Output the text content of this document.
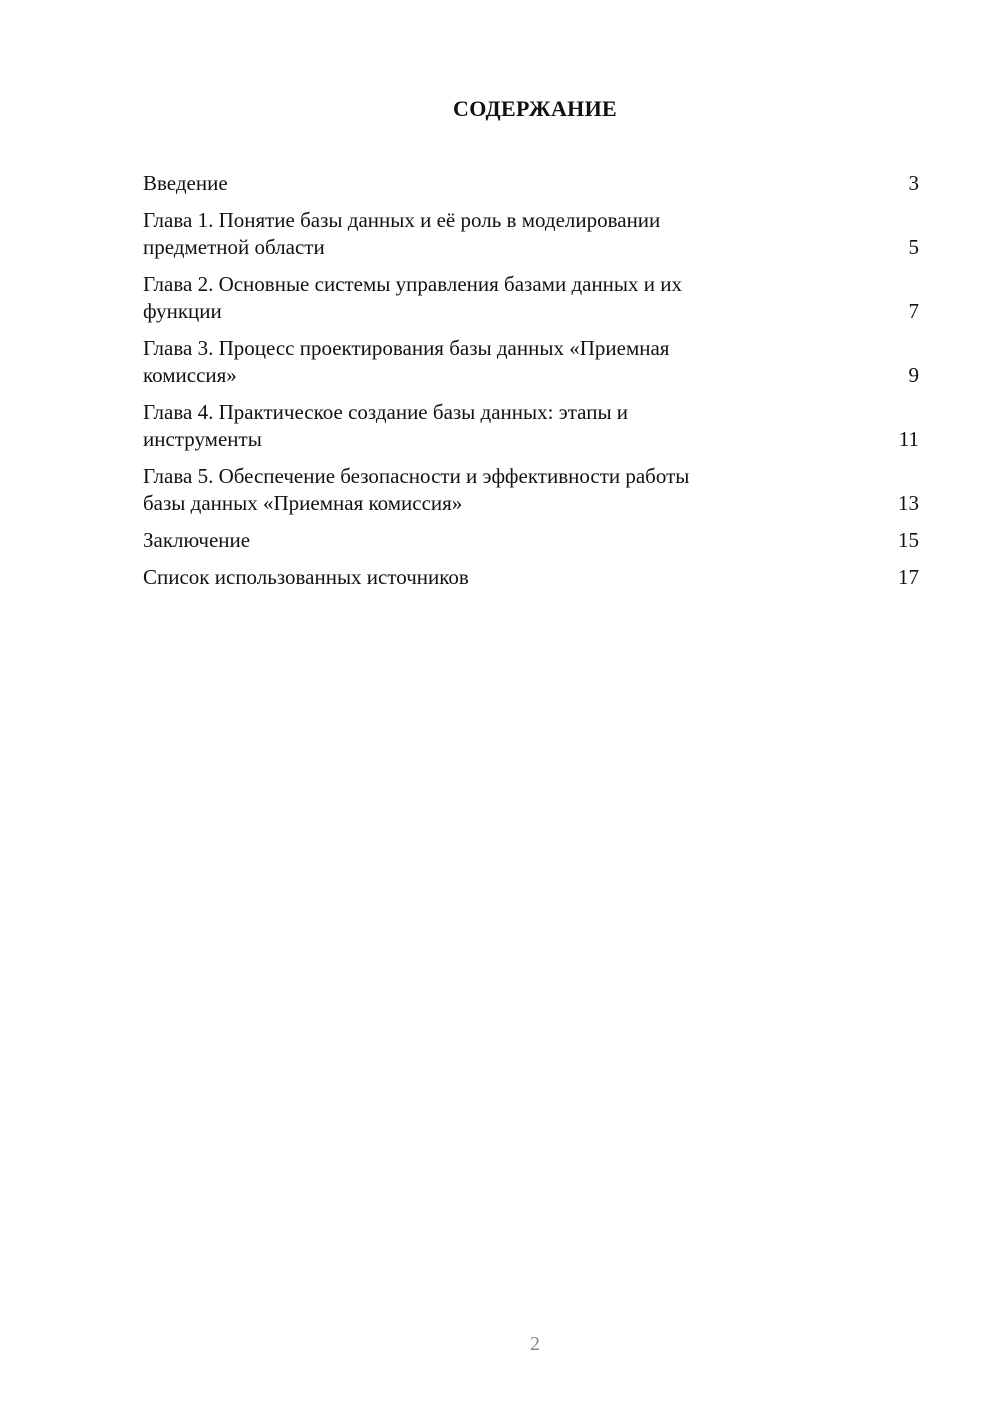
СОДЕРЖАНИЕ
Введение	3
Глава 1. Понятие базы данных и её роль в моделировании
предметной области	5
Глава 2. Основные системы управления базами данных и их
функции	7
Глава 3. Процесс проектирования базы данных «Приемная
комиссия»	9
Глава 4. Практическое создание базы данных: этапы и
инструменты	11
Глава 5. Обеспечение безопасности и эффективности работы
базы данных «Приемная комиссия»	13
Заключение	15
Список использованных источников	17
2
